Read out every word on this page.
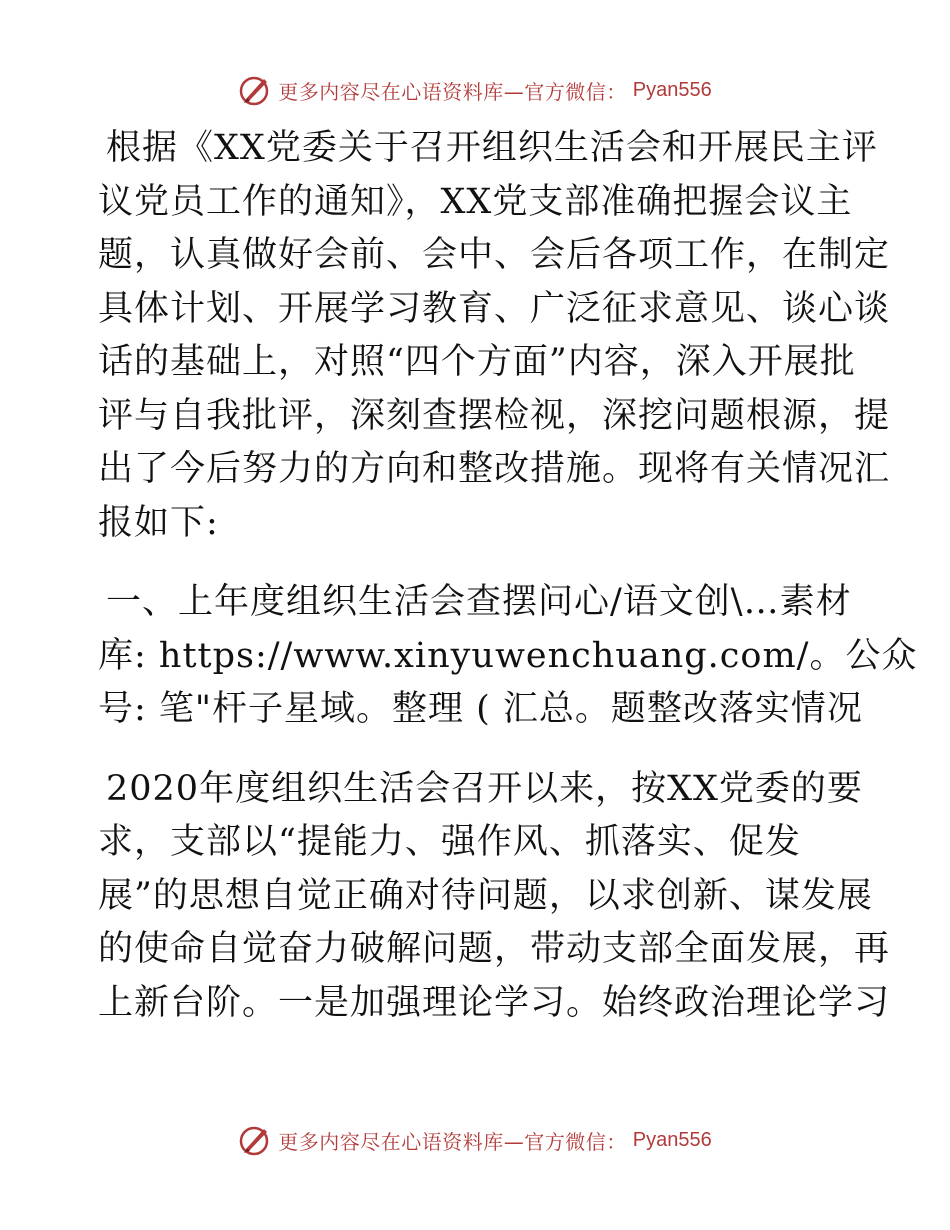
更多内容尽在心语资料库—官方微信： Pyan556
根据《XX党委关于召开组织生活会和开展民主评
议党员工作的通知》，XX党支部准确把握会议主
题，认真做好会前、会中、会后各项工作，在制定
具体计划、开展学习教育、广泛征求意见、谈心谈
话的基础上，对照“四个方面”内容，深入开展批
评与自我批评，深刻查摆检视，深挖问题根源，提
出了今后努力的方向和整改措施。现将有关情况汇
报如下:
一、上年度组织生活会查摆问心/语文创\…素材
库: https://www.xinyuwenchuang.com/。公众
号: 笔"杆子星域。整理 ( 汇总。题整改落实情况
2020年度组织生活会召开以来，按XX党委的要
求，支部以“提能力、强作风、抓落实、促发
展”的思想自觉正确对待问题，以求创新、谋发展
的使命自觉奋力破解问题，带动支部全面发展，再
上新台阶。一是加强理论学习。始终政治理论学习
更多内容尽在心语资料库—官方微信： Pyan556
